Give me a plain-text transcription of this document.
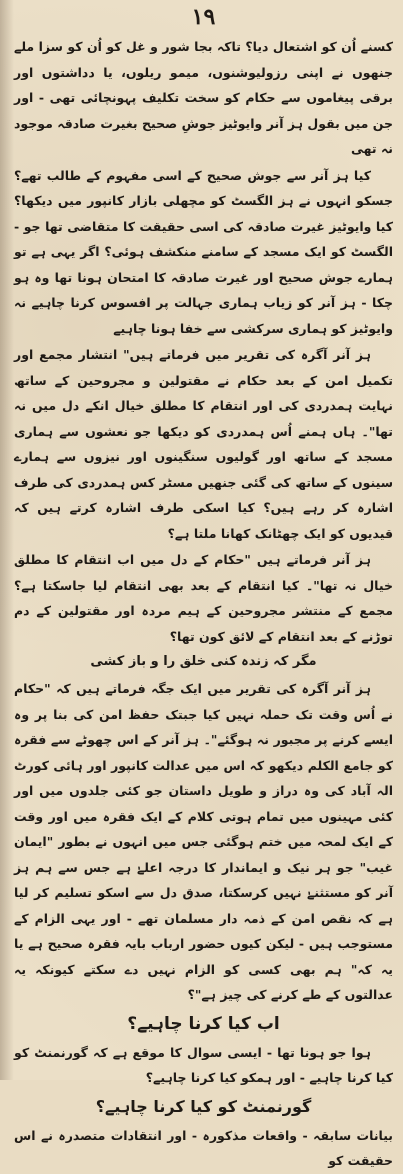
۱۹

کسنے اُن کو اشتعال دیا؟ تاکہ بجا شور و غل کو اُن کو سزا ملے جنھوں نے اپنی رزولیوشنوں، میمو ریلوں، یا دداشتوں اور برقی پیغاموں سے حکام کو سخت تکلیف پہونچائی تھی - اور جن میں بقول ہز آنر وایوٹیز جوشِ صحیح بغیرت صادقہ موجود نہ تھی

کیا ہز آنر سے جوش صحیح کے اسی مفہوم کے طالب تھے؟ جسکو انہوں نے ہز الگسٹ کو مچھلی بازار کانپور میں دیکھا؟ کیا وایوٹیز غیرت صادقہ کی اسی حقیقت کا متقاضی تھا جو - الگسٹ کو ایک مسجد کے سامنے منکشف ہوئی؟ اگر یہی ہے تو ہمارے جوش صحیح اور غیرت صادقہ کا امتحان ہونا تھا وہ ہو چکا - ہز آنر کو زیاب ہماری جہالت پر افسوس کرنا چاہیے نہ وایوٹیز کو ہماری سرکشی سے خفا ہونا چاہیے

ہز آنر آگرہ کی تقریر میں فرماتے ہیں" انتشار مجمع اور تکمیل امن کے بعد حکام نے مقتولین و مجروحین کے ساتھ نہایت ہمدردی کی اور انتقام کا مطلق خیال انکے دل میں نہ تھا"۔ ہاں ہمنے اُس ہمدردی کو دیکھا جو نعشوں سے ہماری مسجد کے ساتھ اور گولیوں سنگینوں اور نیزوں سے ہمارے سینوں کے ساتھ کی گئی جنھیں مسٹر کس ہمدردی کی طرف اشارہ کر رہے ہیں؟ کیا اسکی طرف اشارہ کرتے ہیں کہ قیدیوں کو ایک چھٹانک کھانا ملتا ہے؟

ہز آنر فرماتے ہیں "حکام کے دل میں اب انتقام کا مطلق خیال نہ تھا"۔ کیا انتقام کے بعد بھی انتقام لیا جاسکتا ہے؟ مجمع کے منتشر مجروحین کے ہیم مردہ اور مقتولین کے دم توڑنے کے بعد انتقام کے لائق کون تھا؟

مگر کہ زندہ کنی خلق را و باز کشی

ہز آنر آگرہ کی تقریر میں ایک جگہ فرماتے ہیں کہ "حکام نے اُس وقت تک حملہ نہیں کیا جبتک حفظ امن کی بنا پر وہ ایسے کرنے پر مجبور نہ ہوگئے"۔ ہز آنر کے اس چھوٹے سے فقرہ کو جامع الکلم دیکھو کہ اس میں عدالت کانپور اور ہائی کورٹ الہ آباد کی وہ دراز و طویل داستان جو کئی جلدوں میں اور کئی مہینوں میں تمام ہوتی کلام کے ایک فقرہ میں اور وقت کے ایک لمحہ میں ختم ہوگئی جس میں انہوں نے بطور "ایمان غیب" جو ہر نیک و ایماندار کا درجہ اعلےٰ ہے جس سے ہم ہز آنر کو مستثنےٰ نہیں کرسکتا، صدق دل سے اسکو تسلیم کر لیا ہے کہ نقص امن کے ذمہ دار مسلمان تھے - اور یہی الزام کے مستوجب ہیں - لیکن کیوں حضور ارباب بایہ فقرہ صحیح ہے یا یہ کہ" ہم بھی کسی کو الزام نہیں دے سکتے کیونکہ یہ عدالتوں کے طے کرنے کی چیز ہے"؟

اب کیا کرنا چاہیے؟

ہوا جو ہونا تھا - ایسی سوال کا موقع ہے کہ گورنمنٹ کو کیا کرنا چاہیے - اور ہمکو کیا کرنا چاہیے؟

گورنمنٹ کو کیا کرنا چاہیے؟

بیانات سابقہ - واقعات مذکورہ - اور انتقادات متصدرہ نے اس حقیقت کو
